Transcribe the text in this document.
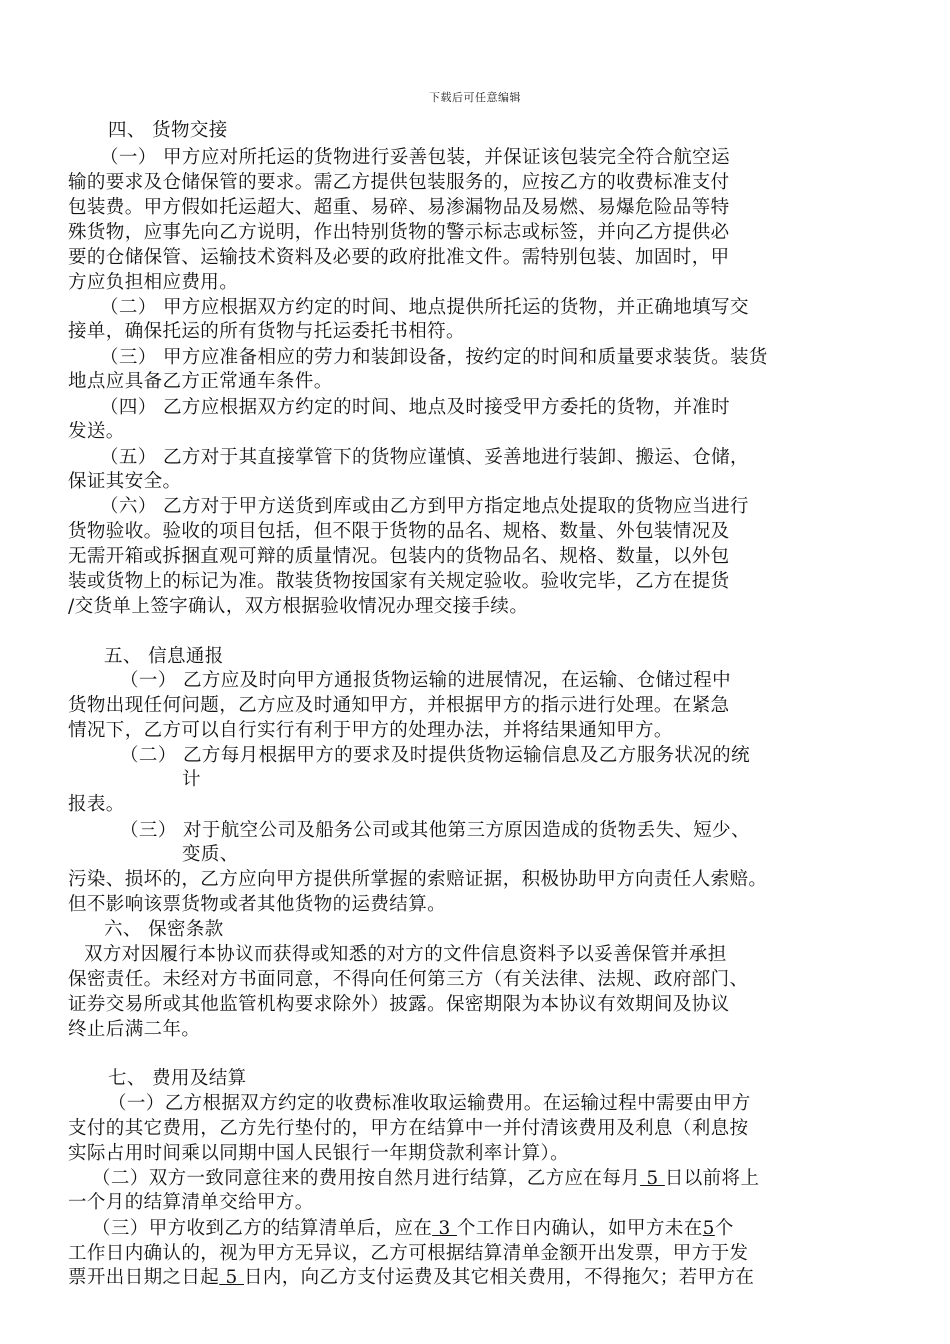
下载后可任意编辑
四、 货物交接
（一） 甲方应对所托运的货物进行妥善包装，并保证该包装完全符合航空运
输的要求及仓储保管的要求。需乙方提供包装服务的，应按乙方的收费标准支付
包装费。甲方假如托运超大、超重、易碎、易渗漏物品及易燃、易爆危险品等特
殊货物，应事先向乙方说明，作出特别货物的警示标志或标签，并向乙方提供必
要的仓储保管、运输技术资料及必要的政府批准文件。需特别包装、加固时，甲
方应负担相应费用。
（二） 甲方应根据双方约定的时间、地点提供所托运的货物，并正确地填写交
接单，确保托运的所有货物与托运委托书相符。
（三） 甲方应准备相应的劳力和装卸设备，按约定的时间和质量要求装货。装货
地点应具备乙方正常通车条件。
（四） 乙方应根据双方约定的时间、地点及时接受甲方委托的货物，并准时
发送。
（五） 乙方对于其直接掌管下的货物应谨慎、妥善地进行装卸、搬运、仓储，
保证其安全。
（六） 乙方对于甲方送货到库或由乙方到甲方指定地点处提取的货物应当进行
货物验收。验收的项目包括，但不限于货物的品名、规格、数量、外包装情况及
无需开箱或拆捆直观可辩的质量情况。包装内的货物品名、规格、数量，以外包
装或货物上的标记为准。散装货物按国家有关规定验收。验收完毕，乙方在提货
/交货单上签字确认，双方根据验收情况办理交接手续。
五、 信息通报
（一） 乙方应及时向甲方通报货物运输的进展情况，在运输、仓储过程中
货物出现任何问题，乙方应及时通知甲方，并根据甲方的指示进行处理。在紧急
情况下，乙方可以自行实行有利于甲方的处理办法，并将结果通知甲方。
（二） 乙方每月根据甲方的要求及时提供货物运输信息及乙方服务状况的统
计
报表。
（三） 对于航空公司及船务公司或其他第三方原因造成的货物丢失、短少、
变质、
污染、损坏的，乙方应向甲方提供所掌握的索赔证据，积极协助甲方向责任人索赔。
但不影响该票货物或者其他货物的运费结算。
六、 保密条款
双方对因履行本协议而获得或知悉的对方的文件信息资料予以妥善保管并承担
保密责任。未经对方书面同意，不得向任何第三方（有关法律、法规、政府部门、
证券交易所或其他监管机构要求除外）披露。保密期限为本协议有效期间及协议
终止后满二年。
七、 费用及结算
（一）乙方根据双方约定的收费标准收取运输费用。在运输过程中需要由甲方
支付的其它费用，乙方先行垫付的，甲方在结算中一并付清该费用及利息（利息按
实际占用时间乘以同期中国人民银行一年期贷款利率计算）。
（二）双方一致同意往来的费用按自然月进行结算，乙方应在每月 5 日以前将上
一个月的结算清单交给甲方。
（三）甲方收到乙方的结算清单后，应在 3 个工作日内确认，如甲方未在5个
工作日内确认的，视为甲方无异议，乙方可根据结算清单金额开出发票，甲方于发
票开出日期之日起 5 日内，向乙方支付运费及其它相关费用，不得拖欠；若甲方在
